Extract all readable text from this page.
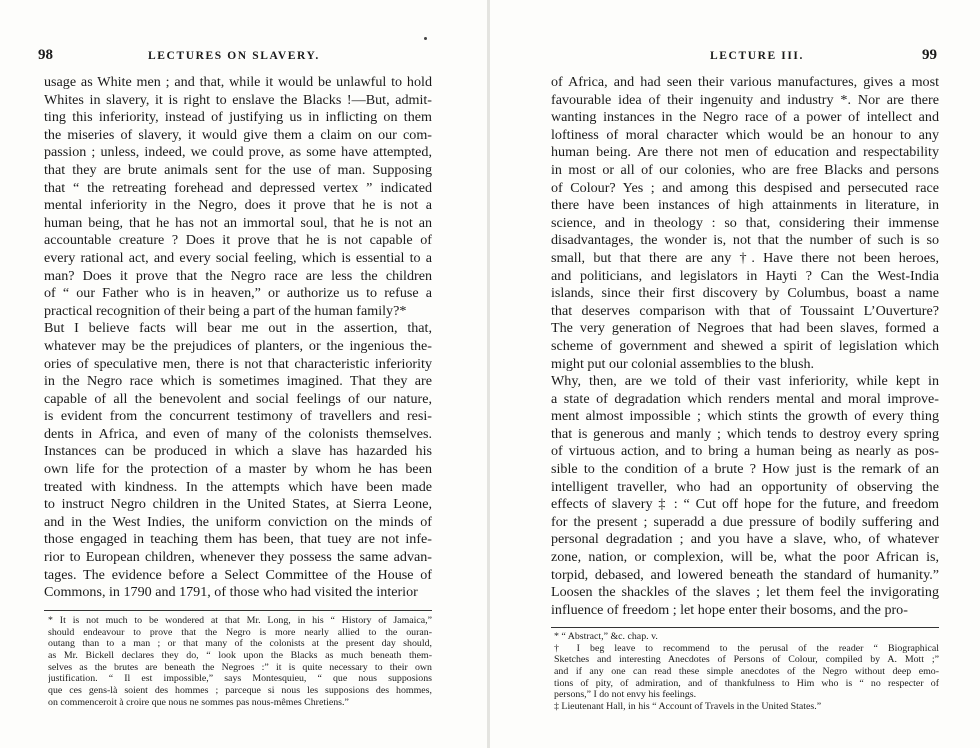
98	LECTURES ON SLAVERY.
usage as White men ; and that, while it would be unlawful to hold
Whites in slavery, it is right to enslave the Blacks !—But, admit-
ting this inferiority, instead of justifying us in inflicting on them
the miseries of slavery, it would give them a claim on our com-
passion ; unless, indeed, we could prove, as some have attempted,
that they are brute animals sent for the use of man. Supposing
that “ the retreating forehead and depressed vertex ” indicated
mental inferiority in the Negro, does it prove that he is not a
human being, that he has not an immortal soul, that he is not an
accountable creature ? Does it prove that he is not capable of
every rational act, and every social feeling, which is essential to a
man? Does it prove that the Negro race are less the children
of “ our Father who is in heaven,” or authorize us to refuse a
practical recognition of their being a part of the human family?*
But I believe facts will bear me out in the assertion, that,
whatever may be the prejudices of planters, or the ingenious the-
ories of speculative men, there is not that characteristic inferiority
in the Negro race which is sometimes imagined. That they are
capable of all the benevolent and social feelings of our nature,
is evident from the concurrent testimony of travellers and resi-
dents in Africa, and even of many of the colonists themselves.
Instances can be produced in which a slave has hazarded his
own life for the protection of a master by whom he has been
treated with kindness. In the attempts which have been made
to instruct Negro children in the United States, at Sierra Leone,
and in the West Indies, the uniform conviction on the minds of
those engaged in teaching them has been, that tuey are not infe-
rior to European children, whenever they possess the same advan-
tages. The evidence before a Select Committee of the House of
Commons, in 1790 and 1791, of those who had visited the interior
* It is not much to be wondered at that Mr. Long, in his “ History of Jamaica,”
should endeavour to prove that the Negro is more nearly allied to the ouran-
outang than to a man ; or that many of the colonists at the present day should,
as Mr. Bickell declares they do, “ look upon the Blacks as much beneath them-
selves as the brutes are beneath the Negroes :” it is quite necessary to their own
justification. “ Il est impossible,” says Montesquieu, “ que nous supposions
que ces gens-là soient des hommes ; parceque si nous les supposions des hommes,
on commenceroit à croire que nous ne sommes pas nous-mêmes Chretiens.”
LECTURE III.	99
of Africa, and had seen their various manufactures, gives a most
favourable idea of their ingenuity and industry *. Nor are there
wanting instances in the Negro race of a power of intellect and
loftiness of moral character which would be an honour to any
human being. Are there not men of education and respectability
in most or all of our colonies, who are free Blacks and persons
of Colour? Yes ; and among this despised and persecuted race
there have been instances of high attainments in literature, in
science, and in theology : so that, considering their immense
disadvantages, the wonder is, not that the number of such is so
small, but that there are any †. Have there not been heroes,
and politicians, and legislators in Hayti ? Can the West-India
islands, since their first discovery by Columbus, boast a name
that deserves comparison with that of Toussaint L’Ouverture?
The very generation of Negroes that had been slaves, formed a
scheme of government and shewed a spirit of legislation which
might put our colonial assemblies to the blush.
Why, then, are we told of their vast inferiority, while kept in
a state of degradation which renders mental and moral improve-
ment almost impossible ; which stints the growth of every thing
that is generous and manly ; which tends to destroy every spring
of virtuous action, and to bring a human being as nearly as pos-
sible to the condition of a brute ? How just is the remark of an
intelligent traveller, who had an opportunity of observing the
effects of slavery ‡ : “ Cut off hope for the future, and freedom
for the present ; superadd a due pressure of bodily suffering and
personal degradation ; and you have a slave, who, of whatever
zone, nation, or complexion, will be, what the poor African is,
torpid, debased, and lowered beneath the standard of humanity.”
Loosen the shackles of the slaves ; let them feel the invigorating
influence of freedom ; let hope enter their bosoms, and the pro-
* “ Abstract,” &c. chap. v.
† I beg leave to recommend to the perusal of the reader “ Biographical
Sketches and interesting Anecdotes of Persons of Colour, compiled by A. Mott ;”
and if any one can read these simple anecdotes of the Negro without deep emo-
tions of pity, of admiration, and of thankfulness to Him who is “ no respecter of
persons,” I do not envy his feelings.
‡ Lieutenant Hall, in his “ Account of Travels in the United States.”
